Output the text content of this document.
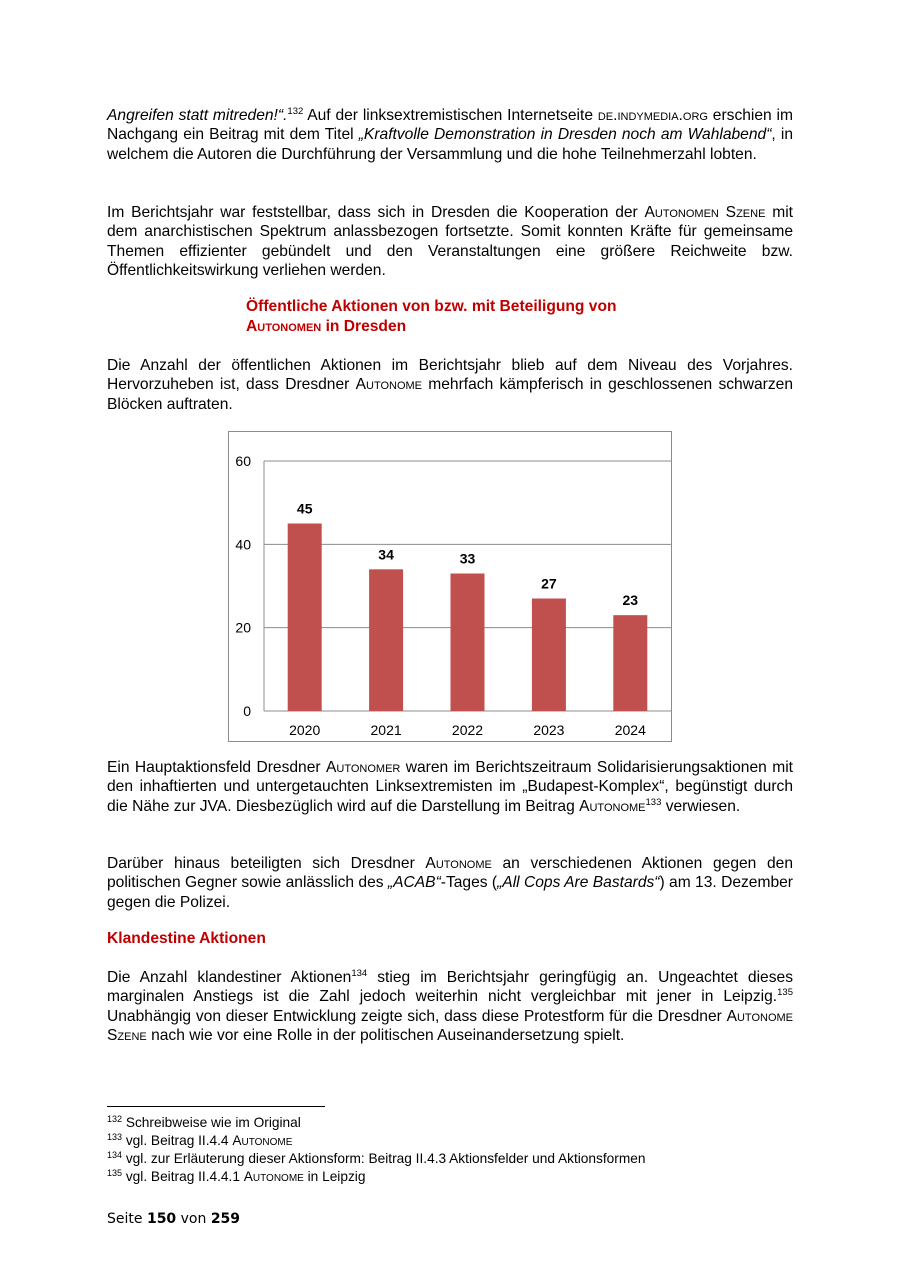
Angreifen statt mitreden!“.$^{132}$ Auf der linksextremistischen Internetseite de.indymedia.org erschien im Nachgang ein Beitrag mit dem Titel „Kraftvolle Demonstration in Dresden noch am Wahlabend“, in welchem die Autoren die Durchführung der Versammlung und die hohe Teilnehmerzahl lobten.

Im Berichtsjahr war feststellbar, dass sich in Dresden die Kooperation der Autonomen Szene mit dem anarchistischen Spektrum anlassbezogen fortsetzte. Somit konnten Kräfte für gemeinsame Themen effizienter gebündelt und den Veranstaltungen eine größere Reichweite bzw. Öffentlichkeitswirkung verliehen werden.

Öffentliche Aktionen von bzw. mit Beteiligung von
Autonomen in Dresden

Die Anzahl der öffentlichen Aktionen im Berichtsjahr blieb auf dem Niveau des Vorjahres. Hervorzuheben ist, dass Dresdner Autonome mehrfach kämpferisch in geschlossenen schwarzen Blöcken auftraten.

0
20
40
60
45
2020
34
2021
33
2022
27
2023
23
2024

Ein Hauptaktionsfeld Dresdner Autonomer waren im Berichtszeitraum Solidarisierungsaktionen mit den inhaftierten und untergetauchten Linksextremisten im „Budapest-Komplex“, begünstigt durch die Nähe zur JVA. Diesbezüglich wird auf die Darstellung im Beitrag Autonome$^{133}$ verwiesen.

Darüber hinaus beteiligten sich Dresdner Autonome an verschiedenen Aktionen gegen den politischen Gegner sowie anlässlich des „ACAB“-Tages („All Cops Are Bastards“) am 13. Dezember gegen die Polizei.

Klandestine Aktionen

Die Anzahl klandestiner Aktionen$^{134}$ stieg im Berichtsjahr geringfügig an. Ungeachtet dieses marginalen Anstiegs ist die Zahl jedoch weiterhin nicht vergleichbar mit jener in Leipzig.$^{135}$ Unabhängig von dieser Entwicklung zeigte sich, dass diese Protestform für die Dresdner Autonome Szene nach wie vor eine Rolle in der politischen Auseinandersetzung spielt.

$^{132}$ Schreibweise wie im Original
$^{133}$ vgl. Beitrag II.4.4 Autonome
$^{134}$ vgl. zur Erläuterung dieser Aktionsform: Beitrag II.4.3 Aktionsfelder und Aktionsformen
$^{135}$ vgl. Beitrag II.4.4.1 Autonome in Leipzig
Seite 150 von 259
